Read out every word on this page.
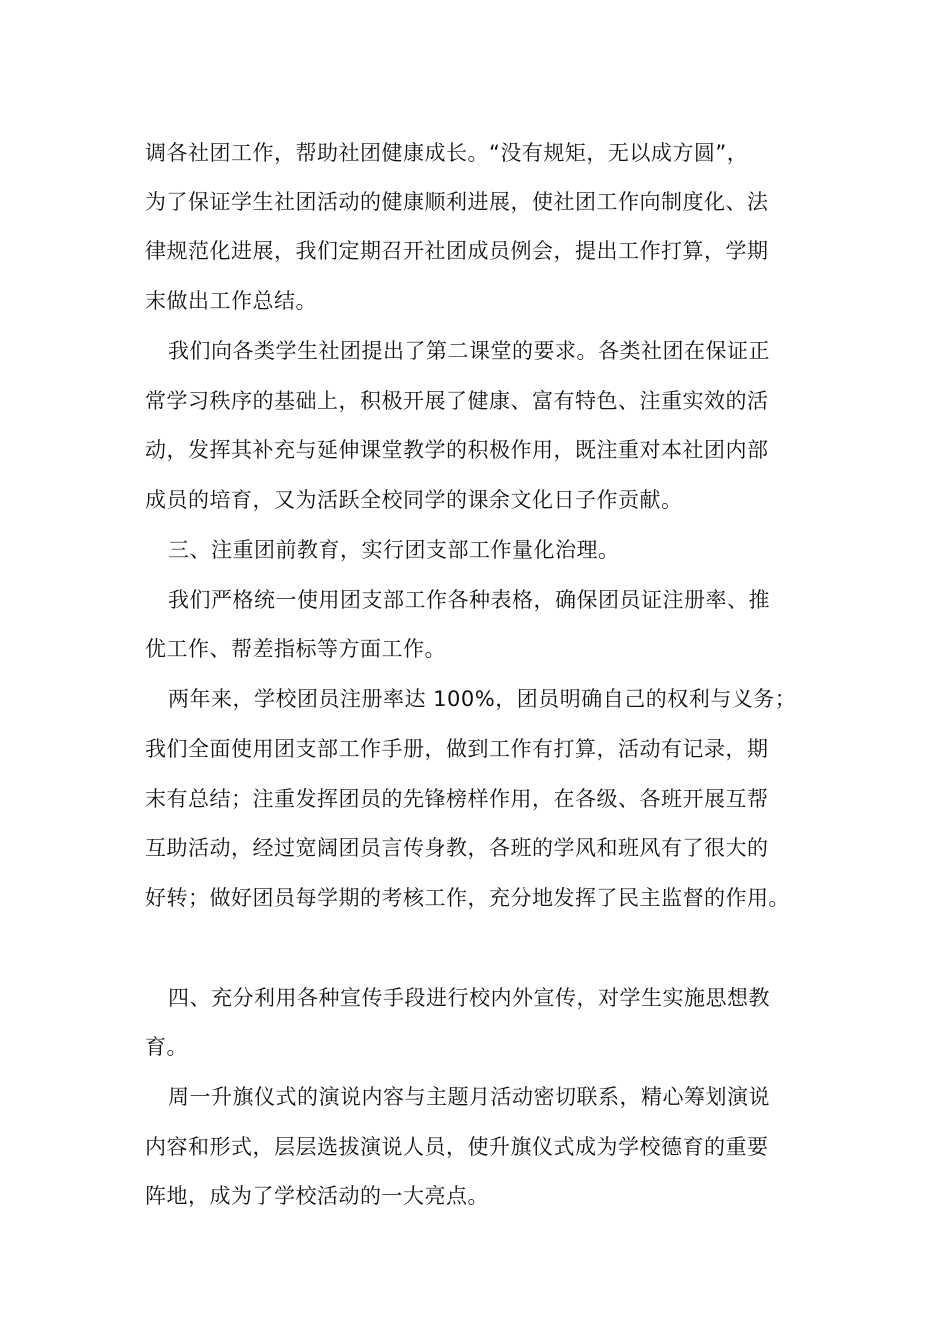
调各社团工作，帮助社团健康成长。“没有规矩，无以成方圆”，
为了保证学生社团活动的健康顺利进展，使社团工作向制度化、法
律规范化进展，我们定期召开社团成员例会，提出工作打算，学期
末做出工作总结。
我们向各类学生社团提出了第二课堂的要求。各类社团在保证正
常学习秩序的基础上，积极开展了健康、富有特色、注重实效的活
动，发挥其补充与延伸课堂教学的积极作用，既注重对本社团内部
成员的培育，又为活跃全校同学的课余文化日子作贡献。
三、注重团前教育，实行团支部工作量化治理。
我们严格统一使用团支部工作各种表格，确保团员证注册率、推
优工作、帮差指标等方面工作。
两年来，学校团员注册率达 100%，团员明确自己的权利与义务；
我们全面使用团支部工作手册，做到工作有打算，活动有记录，期
末有总结；注重发挥团员的先锋榜样作用，在各级、各班开展互帮
互助活动，经过宽阔团员言传身教，各班的学风和班风有了很大的
好转；做好团员每学期的考核工作，充分地发挥了民主监督的作用。
四、充分利用各种宣传手段进行校内外宣传，对学生实施思想教
育。
周一升旗仪式的演说内容与主题月活动密切联系，精心筹划演说
内容和形式，层层选拔演说人员，使升旗仪式成为学校德育的重要
阵地，成为了学校活动的一大亮点。
